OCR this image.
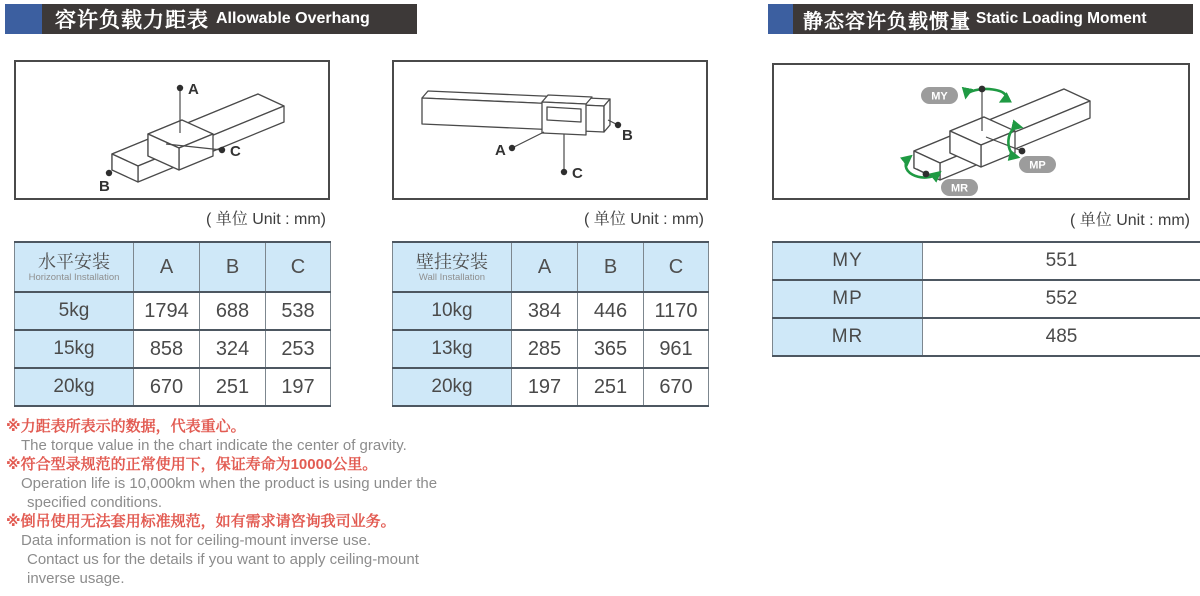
容许负载力距表 Allowable Overhang	静态容许负载惯量 Static Loading Moment
A
C
B
( 单位 Unit : mm)
A
C
B
( 单位 Unit : mm)
MY
MP
MR
( 单位 Unit : mm)
水平安装
Horizontal Installation	A	B	C
5kg	1794	688	538
15kg	858	324	253
20kg	670	251	197
壁挂安装
Wall Installation	A	B	C
10kg	384	446	1170
13kg	285	365	961
20kg	197	251	670
MY	551
MP	552
MR	485
※力距表所表示的数据，代表重心。
The torque value in the chart indicate the center of gravity.
※符合型录规范的正常使用下，保证寿命为10000公里。
Operation life is 10,000km when the product is using under the
specified conditions.
※倒吊使用无法套用标准规范，如有需求请咨询我司业务。
Data information is not for ceiling-mount inverse use.
Contact us for the details if you want to apply ceiling-mount
inverse usage.
